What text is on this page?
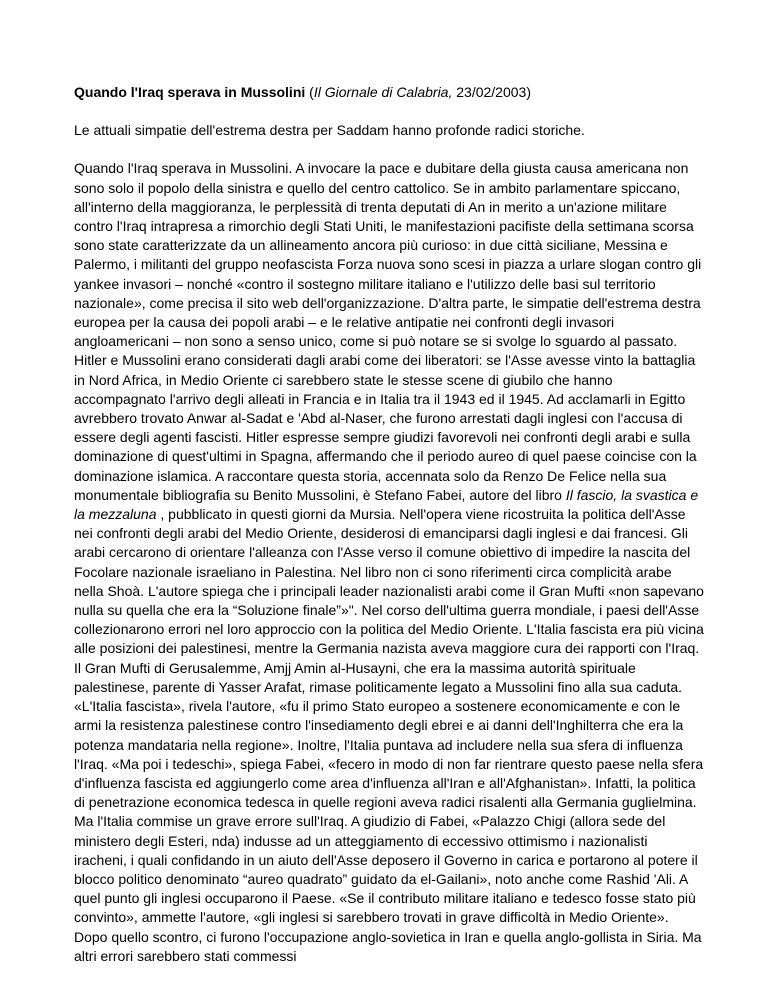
Quando l'Iraq sperava in Mussolini (Il Giornale di Calabria, 23/02/2003)

Le attuali simpatie dell'estrema destra per Saddam hanno profonde radici storiche.

Quando l'Iraq sperava in Mussolini. A invocare la pace e dubitare della giusta causa americana non sono solo il popolo della sinistra e quello del centro cattolico. Se in ambito parlamentare spiccano, all'interno della maggioranza, le perplessità di trenta deputati di An in merito a un'azione militare contro l'Iraq intrapresa a rimorchio degli Stati Uniti, le manifestazioni pacifiste della settimana scorsa sono state caratterizzate da un allineamento ancora più curioso: in due città siciliane, Messina e Palermo, i militanti del gruppo neofascista Forza nuova sono scesi in piazza a urlare slogan contro gli yankee invasori – nonché «contro il sostegno militare italiano e l'utilizzo delle basi sul territorio nazionale», come precisa il sito web dell'organizzazione. D'altra parte, le simpatie dell'estrema destra europea per la causa dei popoli arabi – e le relative antipatie nei confronti degli invasori angloamericani – non sono a senso unico, come si può notare se si svolge lo sguardo al passato. Hitler e Mussolini erano considerati dagli arabi come dei liberatori: se l'Asse avesse vinto la battaglia in Nord Africa, in Medio Oriente ci sarebbero state le stesse scene di giubilo che hanno accompagnato l'arrivo degli alleati in Francia e in Italia tra il 1943 ed il 1945. Ad acclamarli in Egitto avrebbero trovato Anwar al-Sadat e 'Abd al-Naser, che furono arrestati dagli inglesi con l'accusa di essere degli agenti fascisti. Hitler espresse sempre giudizi favorevoli nei confronti degli arabi e sulla dominazione di quest'ultimi in Spagna, affermando che il periodo aureo di quel paese coincise con la dominazione islamica. A raccontare questa storia, accennata solo da Renzo De Felice nella sua monumentale bibliografia su Benito Mussolini, è Stefano Fabei, autore del libro Il fascio, la svastica e la mezzaluna , pubblicato in questi giorni da Mursia. Nell'opera viene ricostruita la politica dell'Asse nei confronti degli arabi del Medio Oriente, desiderosi di emanciparsi dagli inglesi e dai francesi. Gli arabi cercarono di orientare l'alleanza con l'Asse verso il comune obiettivo di impedire la nascita del Focolare nazionale israeliano in Palestina. Nel libro non ci sono riferimenti circa complicità arabe nella Shoà. L'autore spiega che i principali leader nazionalisti arabi come il Gran Mufti «non sapevano nulla su quella che era la “Soluzione finale”»". Nel corso dell'ultima guerra mondiale, i paesi dell'Asse collezionarono errori nel loro approccio con la politica del Medio Oriente. L'Italia fascista era più vicina alle posizioni dei palestinesi, mentre la Germania nazista aveva maggiore cura dei rapporti con l'Iraq. Il Gran Mufti di Gerusalemme, Amjj Amin al-Husayni, che era la massima autorità spirituale palestinese, parente di Yasser Arafat, rimase politicamente legato a Mussolini fino alla sua caduta. «L'Italia fascista», rivela l'autore, «fu il primo Stato europeo a sostenere economicamente e con le armi la resistenza palestinese contro l'insediamento degli ebrei e ai danni dell'Inghilterra che era la potenza mandataria nella regione». Inoltre, l'Italia puntava ad includere nella sua sfera di influenza l'Iraq. «Ma poi i tedeschi», spiega Fabei, «fecero in modo di non far rientrare questo paese nella sfera d'influenza fascista ed aggiungerlo come area d'influenza all'Iran e all'Afghanistan». Infatti, la politica di penetrazione economica tedesca in quelle regioni aveva radici risalenti alla Germania guglielmina. Ma l'Italia commise un grave errore sull'Iraq. A giudizio di Fabei, «Palazzo Chigi (allora sede del ministero degli Esteri, nda) indusse ad un atteggiamento di eccessivo ottimismo i nazionalisti iracheni, i quali confidando in un aiuto dell'Asse deposero il Governo in carica e portarono al potere il blocco politico denominato “aureo quadrato” guidato da el-Gailani», noto anche come Rashid 'Ali. A quel punto gli inglesi occuparono il Paese. «Se il contributo militare italiano e tedesco fosse stato più convinto», ammette l'autore, «gli inglesi si sarebbero trovati in grave difficoltà in Medio Oriente». Dopo quello scontro, ci furono l'occupazione anglo-sovietica in Iran e quella anglo-gollista in Siria. Ma altri errori sarebbero stati commessi
